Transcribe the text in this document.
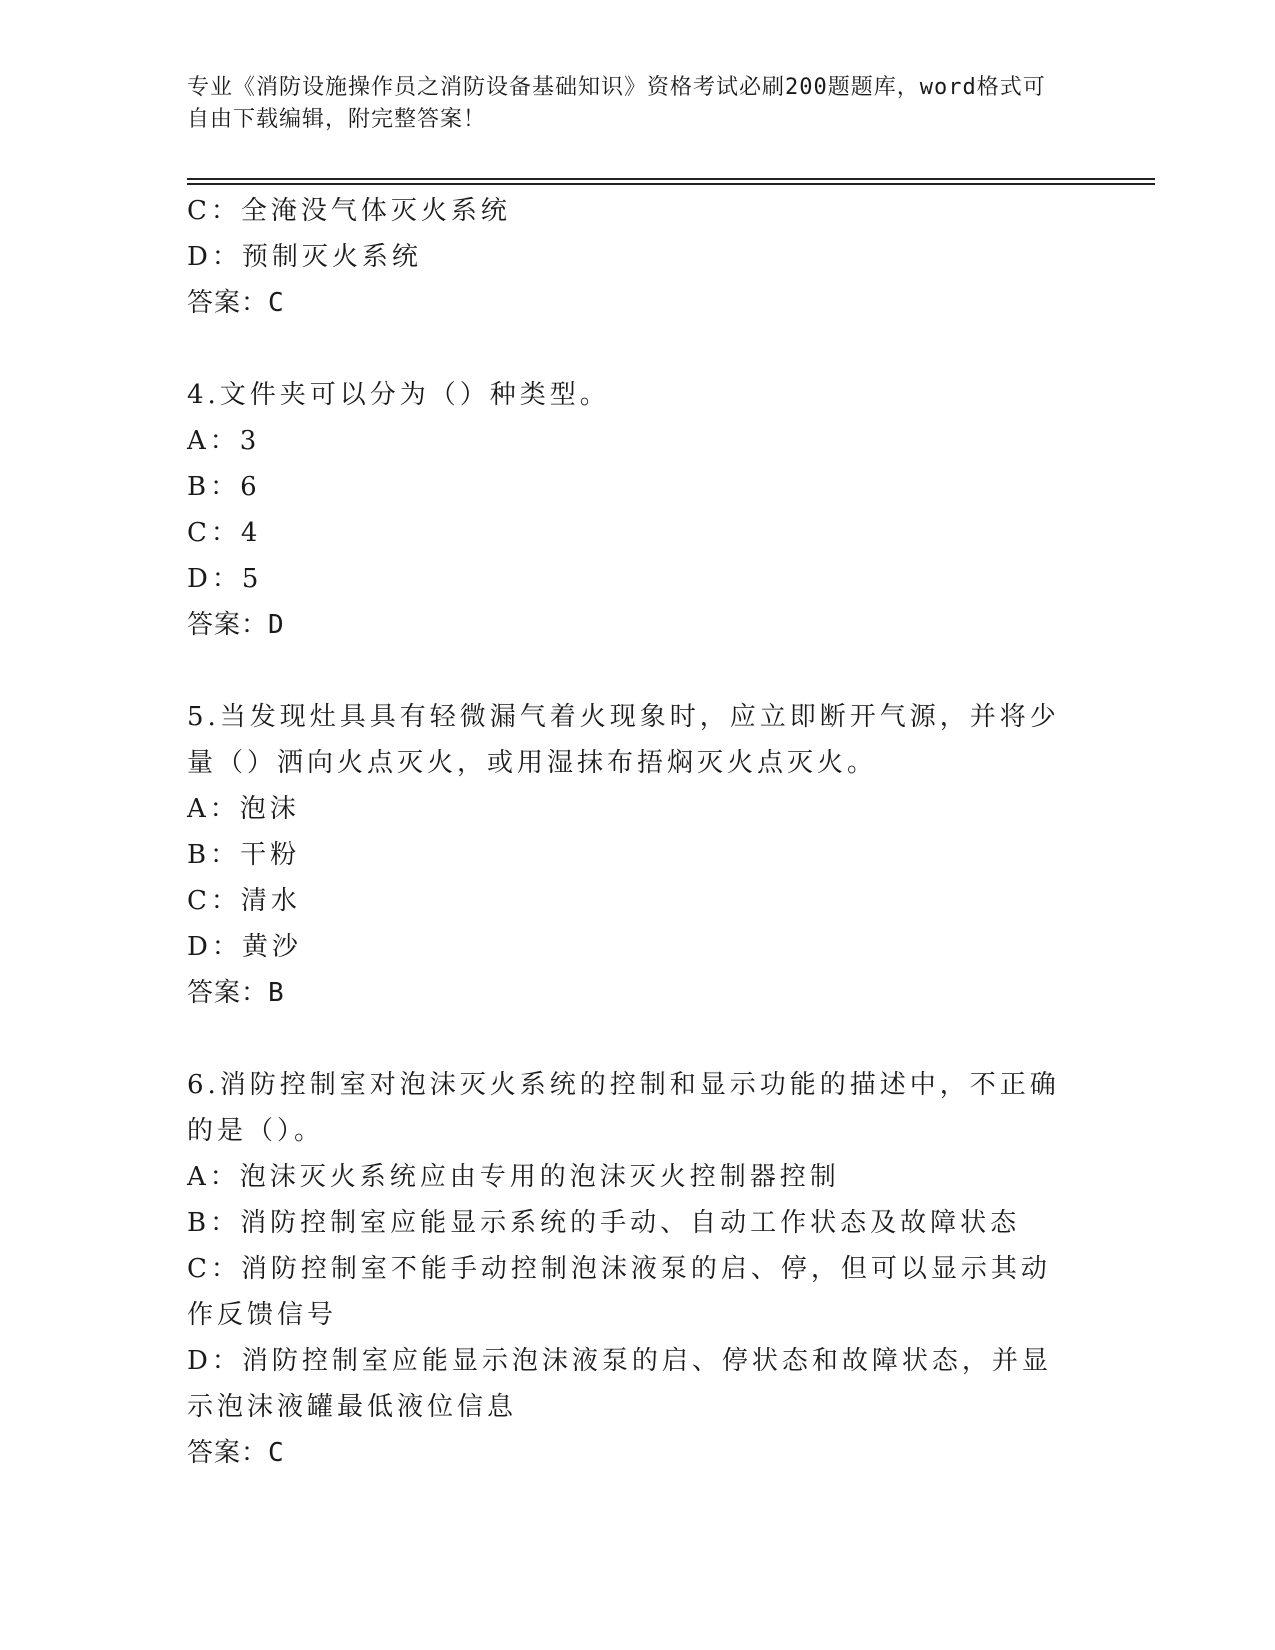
专业《消防设施操作员之消防设备基础知识》资格考试必刷200题题库，word格式可自由下载编辑，附完整答案！
C：全淹没气体灭火系统
D：预制灭火系统
答案：C
4.文件夹可以分为（）种类型。
A：3
B：6
C：4
D：5
答案：D
5.当发现灶具具有轻微漏气着火现象时，应立即断开气源，并将少量（）洒向火点灭火，或用湿抹布捂焖灭火点灭火。
A：泡沫
B：干粉
C：清水
D：黄沙
答案：B
6.消防控制室对泡沫灭火系统的控制和显示功能的描述中，不正确的是（）。
A：泡沫灭火系统应由专用的泡沫灭火控制器控制
B：消防控制室应能显示系统的手动、自动工作状态及故障状态
C：消防控制室不能手动控制泡沫液泵的启、停，但可以显示其动作反馈信号
D：消防控制室应能显示泡沫液泵的启、停状态和故障状态，并显示泡沫液罐最低液位信息
答案：C
